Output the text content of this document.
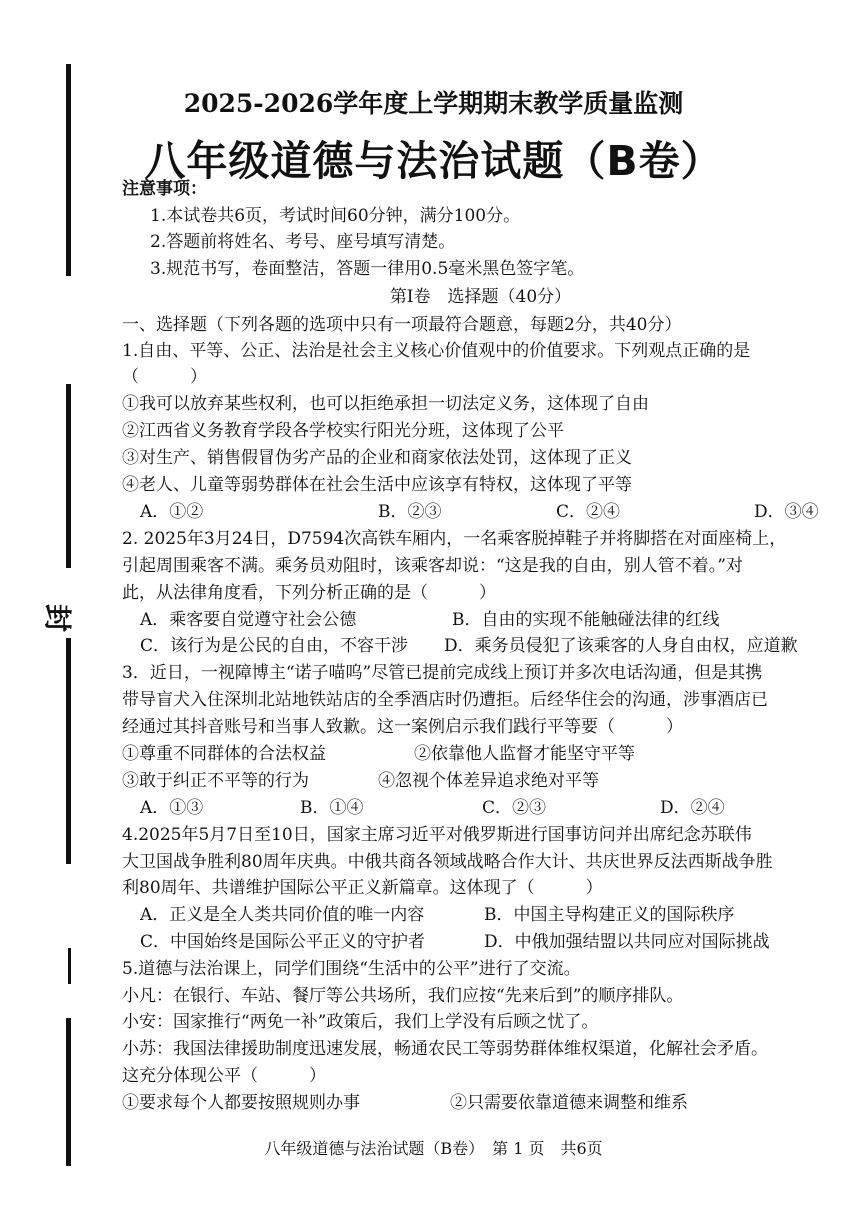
封
2025-2026学年度上学期期末教学质量监测
八年级道德与法治试题（B卷）
注意事项：
1.本试卷共6页，考试时间60分钟，满分100分。
2.答题前将姓名、考号、座号填写清楚。
3.规范书写，卷面整洁，答题一律用0.5毫米黑色签字笔。
第Ⅰ卷　选择题（40分）
一、选择题（下列各题的选项中只有一项最符合题意，每题2分，共40分）
1.自由、平等、公正、法治是社会主义核心价值观中的价值要求。下列观点正确的是
（　　　）
①我可以放弃某些权利，也可以拒绝承担一切法定义务，这体现了自由
②江西省义务教育学段各学校实行阳光分班，这体现了公平
③对生产、销售假冒伪劣产品的企业和商家依法处罚，这体现了正义
④老人、儿童等弱势群体在社会生活中应该享有特权，这体现了平等
A．①②	B．②③	C．②④	D．③④
2. 2025年3月24日，D7594次高铁车厢内，一名乘客脱掉鞋子并将脚搭在对面座椅上，
引起周围乘客不满。乘务员劝阻时，该乘客却说：“这是我的自由，别人管不着。”对
此，从法律角度看，下列分析正确的是（　　　）
A．乘客要自觉遵守社会公德	B．自由的实现不能触碰法律的红线
C．该行为是公民的自由，不容干涉 D．乘务员侵犯了该乘客的人身自由权，应道歉
3．近日，一视障博主“诺子喵呜”尽管已提前完成线上预订并多次电话沟通，但是其携
带导盲犬入住深圳北站地铁站店的全季酒店时仍遭拒。后经华住会的沟通，涉事酒店已
经通过其抖音账号和当事人致歉。这一案例启示我们践行平等要（　　　）
①尊重不同群体的合法权益	②依靠他人监督才能坚守平等
③敢于纠正不平等的行为	④忽视个体差异追求绝对平等
A．①③	B．①④	C．②③	D．②④
4.2025年5月7日至10日，国家主席习近平对俄罗斯进行国事访问并出席纪念苏联伟
大卫国战争胜利80周年庆典。中俄共商各领域战略合作大计、共庆世界反法西斯战争胜
利80周年、共谱维护国际公平正义新篇章。这体现了（　　　）
A．正义是全人类共同价值的唯一内容	B．中国主导构建正义的国际秩序
C．中国始终是国际公平正义的守护者	D．中俄加强结盟以共同应对国际挑战
5.道德与法治课上，同学们围绕“生活中的公平”进行了交流。
小凡：在银行、车站、餐厅等公共场所，我们应按“先来后到”的顺序排队。
小安：国家推行“两免一补”政策后，我们上学没有后顾之忧了。
小苏：我国法律援助制度迅速发展，畅通农民工等弱势群体维权渠道，化解社会矛盾。
这充分体现公平（　　　）
①要求每个人都要按照规则办事	②只需要依靠道德来调整和维系
八年级道德与法治试题（B卷）　第 1 页　共6页
